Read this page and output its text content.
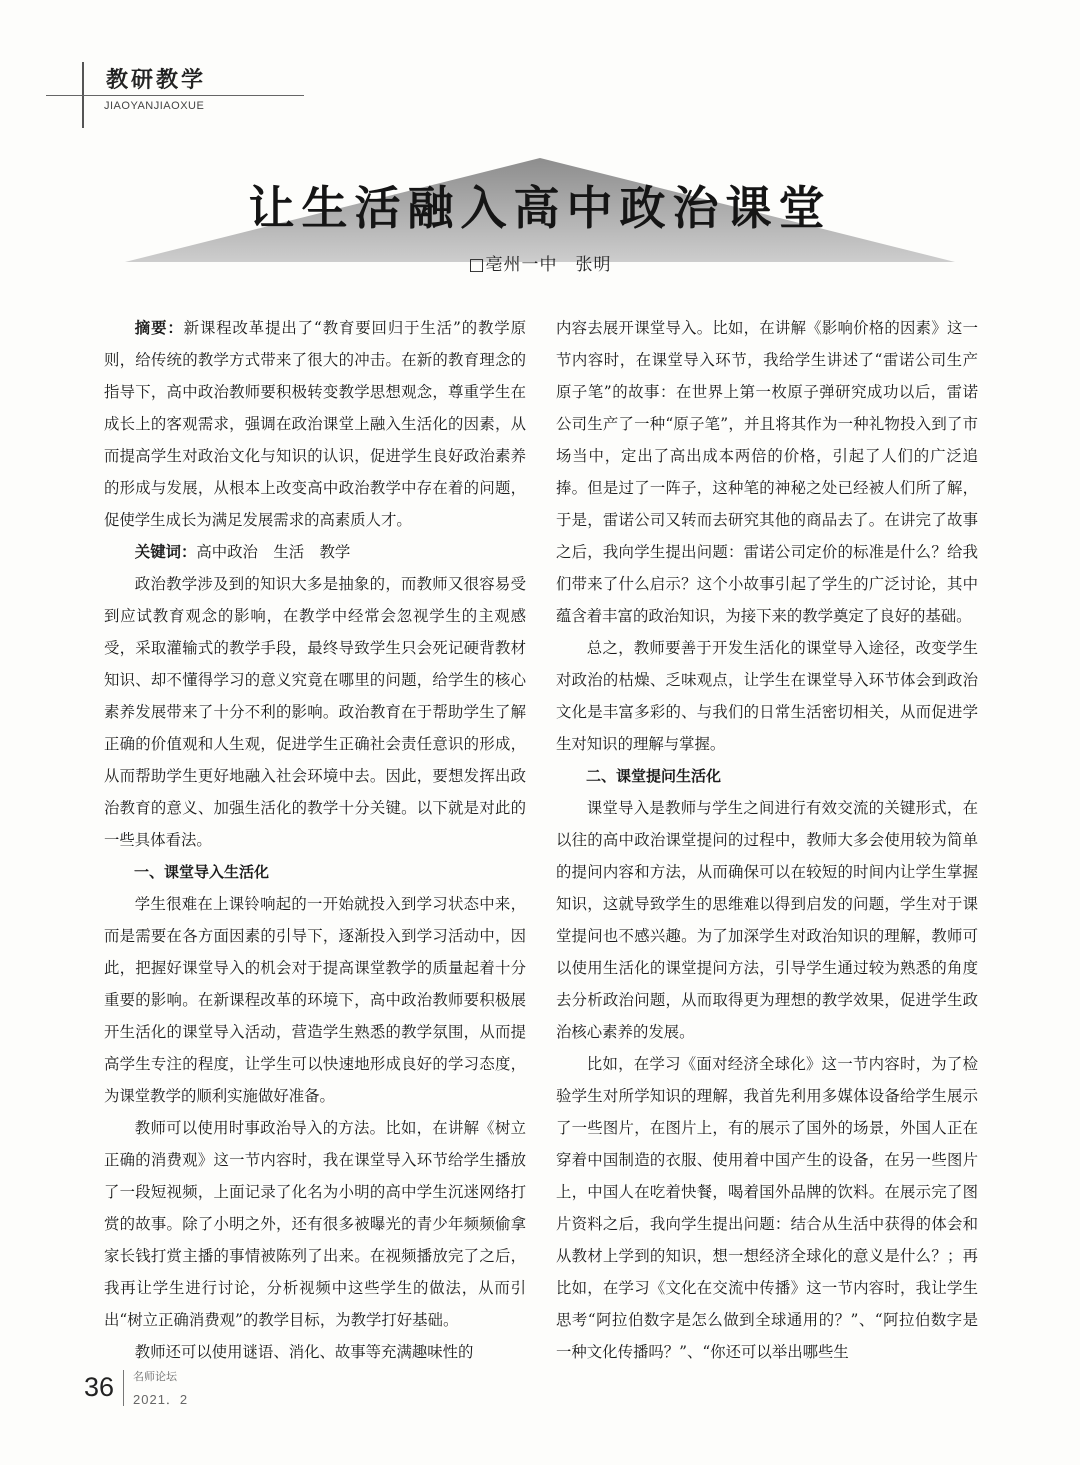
教研教学
JIAOYANJIAOXUE
让生活融入高中政治课堂
□亳州一中　张明

摘要：新课程改革提出了“教育要回归于生活”的教学原则，给传统的教学方式带来了很大的冲击。在新的教育理念的指导下，高中政治教师要积极转变教学思想观念，尊重学生在成长上的客观需求，强调在政治课堂上融入生活化的因素，从而提高学生对政治文化与知识的认识，促进学生良好政治素养的形成与发展，从根本上改变高中政治教学中存在着的问题，促使学生成长为满足发展需求的高素质人才。

关键词：高中政治　生活　教学

政治教学涉及到的知识大多是抽象的，而教师又很容易受到应试教育观念的影响，在教学中经常会忽视学生的主观感受，采取灌输式的教学手段，最终导致学生只会死记硬背教材知识、却不懂得学习的意义究竟在哪里的问题，给学生的核心素养发展带来了十分不利的影响。政治教育在于帮助学生了解正确的价值观和人生观，促进学生正确社会责任意识的形成，从而帮助学生更好地融入社会环境中去。因此，要想发挥出政治教育的意义、加强生活化的教学十分关键。以下就是对此的一些具体看法。

一、课堂导入生活化

学生很难在上课铃响起的一开始就投入到学习状态中来，而是需要在各方面因素的引导下，逐渐投入到学习活动中，因此，把握好课堂导入的机会对于提高课堂教学的质量起着十分重要的影响。在新课程改革的环境下，高中政治教师要积极展开生活化的课堂导入活动，营造学生熟悉的教学氛围，从而提高学生专注的程度，让学生可以快速地形成良好的学习态度，为课堂教学的顺利实施做好准备。

教师可以使用时事政治导入的方法。比如，在讲解《树立正确的消费观》这一节内容时，我在课堂导入环节给学生播放了一段短视频，上面记录了化名为小明的高中学生沉迷网络打赏的故事。除了小明之外，还有很多被曝光的青少年频频偷拿家长钱打赏主播的事情被陈列了出来。在视频播放完了之后，我再让学生进行讨论，分析视频中这些学生的做法，从而引出“树立正确消费观”的教学目标，为教学打好基础。

教师还可以使用谜语、消化、故事等充满趣味性的

内容去展开课堂导入。比如，在讲解《影响价格的因素》这一节内容时，在课堂导入环节，我给学生讲述了“雷诺公司生产原子笔”的故事：在世界上第一枚原子弹研究成功以后，雷诺公司生产了一种“原子笔”，并且将其作为一种礼物投入到了市场当中，定出了高出成本两倍的价格，引起了人们的广泛追捧。但是过了一阵子，这种笔的神秘之处已经被人们所了解，于是，雷诺公司又转而去研究其他的商品去了。在讲完了故事之后，我向学生提出问题：雷诺公司定价的标准是什么？给我们带来了什么启示？这个小故事引起了学生的广泛讨论，其中蕴含着丰富的政治知识，为接下来的教学奠定了良好的基础。

总之，教师要善于开发生活化的课堂导入途径，改变学生对政治的枯燥、乏味观点，让学生在课堂导入环节体会到政治文化是丰富多彩的、与我们的日常生活密切相关，从而促进学生对知识的理解与掌握。

二、课堂提问生活化

课堂导入是教师与学生之间进行有效交流的关键形式，在以往的高中政治课堂提问的过程中，教师大多会使用较为简单的提问内容和方法，从而确保可以在较短的时间内让学生掌握知识，这就导致学生的思维难以得到启发的问题，学生对于课堂提问也不感兴趣。为了加深学生对政治知识的理解，教师可以使用生活化的课堂提问方法，引导学生通过较为熟悉的角度去分析政治问题，从而取得更为理想的教学效果，促进学生政治核心素养的发展。

比如，在学习《面对经济全球化》这一节内容时，为了检验学生对所学知识的理解，我首先利用多媒体设备给学生展示了一些图片，在图片上，有的展示了国外的场景，外国人正在穿着中国制造的衣服、使用着中国产生的设备，在另一些图片上，中国人在吃着快餐，喝着国外品牌的饮料。在展示完了图片资料之后，我向学生提出问题：结合从生活中获得的体会和从教材上学到的知识，想一想经济全球化的意义是什么？；再比如，在学习《文化在交流中传播》这一节内容时，我让学生思考“阿拉伯数字是怎么做到全球通用的？”、“阿拉伯数字是一种文化传播吗？”、“你还可以举出哪些生

36 名师论坛
2021．2
